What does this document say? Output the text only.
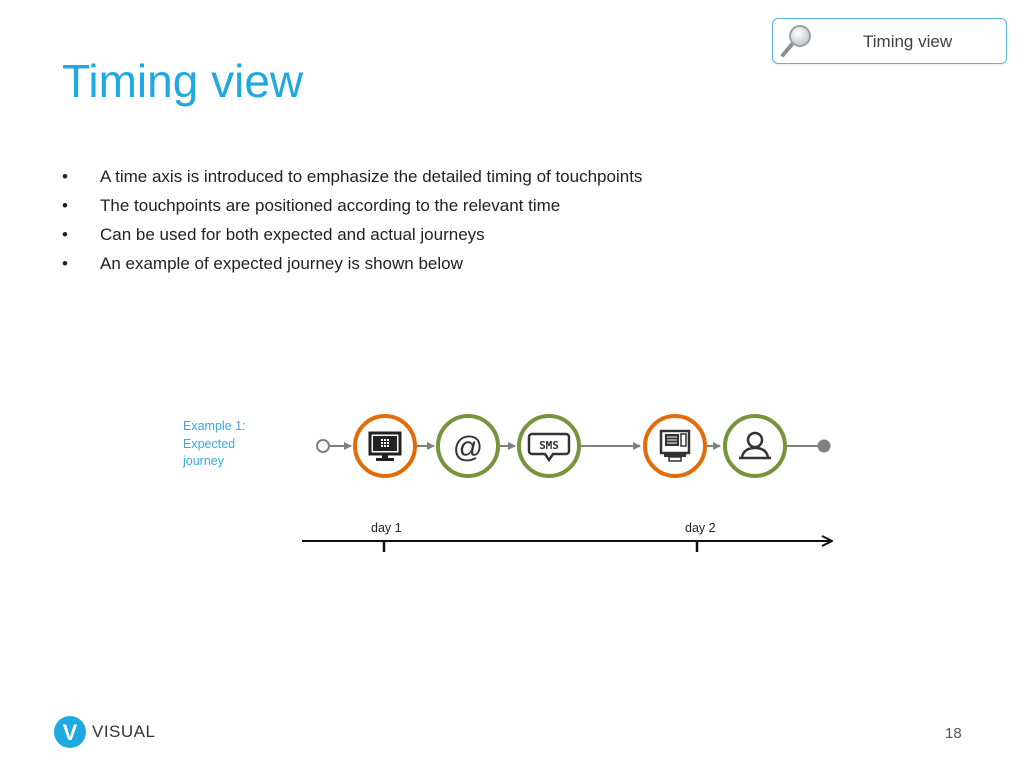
Timing view
Timing view
• A time axis is introduced to emphasize the detailed timing of touchpoints
• The touchpoints are positioned according to the relevant time
• Can be used for both expected and actual journeys
• An example of expected journey is shown below
Example 1:
Expected
journey	@	SMS
day 1	day 2
V VISUAL	18
